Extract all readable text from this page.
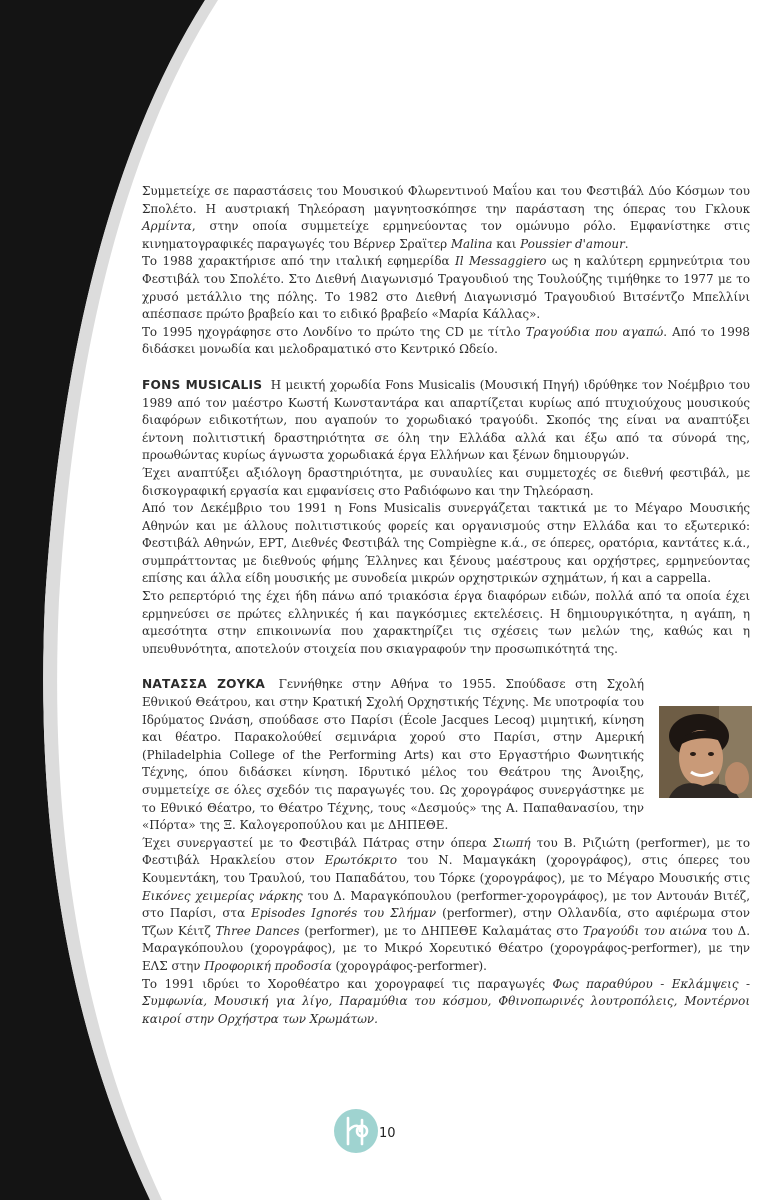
Συμμετείχε σε παραστάσεις του Μουσικού Φλωρεντινού Μαΐου και του Φεστιβάλ Δύο Κόσμων του Σπολέτο. Η αυστριακή Τηλεόραση μαγνητοσκόπησε την παράσταση της όπερας του Γκλουκ Αρμίντα, στην οποία συμμετείχε ερμηνεύοντας τον ομώνυμο ρόλο. Εμφανίστηκε στις κινηματογραφικές παραγωγές του Βέρνερ Σραϊτερ Malina και Poussier d'amour.

Το 1988 χαρακτήρισε από την ιταλική εφημερίδα Il Messaggiero ως η καλύτερη ερμηνεύτρια του Φεστιβάλ του Σπολέτο. Στο Διεθνή Διαγωνισμό Τραγουδιού της Τουλούζης τιμήθηκε το 1977 με το χρυσό μετάλλιο της πόλης. Το 1982 στο Διεθνή Διαγωνισμό Τραγουδιού Βιτσέντζο Μπελλίνι απέσπασε πρώτο βραβείο και το ειδικό βραβείο «Μαρία Κάλλας».

Το 1995 ηχογράφησε στο Λονδίνο το πρώτο της CD με τίτλο Τραγούδια που αγαπώ. Από το 1998 διδάσκει μονωδία και μελοδραματικό στο Κεντρικό Ωδείο.

FONS MUSICALIS Η μεικτή χορωδία Fons Musicalis (Μουσική Πηγή) ιδρύθηκε τον Νοέμβριο του 1989 από τον μαέστρο Κωστή Κωνσταντάρα και απαρτίζεται κυρίως από πτυχιούχους μουσικούς διαφόρων ειδικοτήτων, που αγαπούν το χορωδιακό τραγούδι. Σκοπός της είναι να αναπτύξει έντονη πολιτιστική δραστηριότητα σε όλη την Ελλάδα αλλά και έξω από τα σύνορά της, προωθώντας κυρίως άγνωστα χορωδιακά έργα Ελλήνων και ξένων δημιουργών.

Έχει αναπτύξει αξιόλογη δραστηριότητα, με συναυλίες και συμμετοχές σε διεθνή φεστιβάλ, με δισκογραφική εργασία και εμφανίσεις στο Ραδιόφωνο και την Τηλεόραση.

Από τον Δεκέμβριο του 1991 η Fons Musicalis συνεργάζεται τακτικά με το Μέγαρο Μουσικής Αθηνών και με άλλους πολιτιστικούς φορείς και οργανισμούς στην Ελλάδα και το εξωτερικό: Φεστιβάλ Αθηνών, ΕΡΤ, Διεθνές Φεστιβάλ της Compiègne κ.ά., σε όπερες, ορατόρια, καντάτες κ.ά., συμπράττοντας με διεθνούς φήμης Έλληνες και ξένους μαέστρους και ορχήστρες, ερμηνεύοντας επίσης και άλλα είδη μουσικής με συνοδεία μικρών ορχηστρικών σχημάτων, ή και a cappella.

Στο ρεπερτόριό της έχει ήδη πάνω από τριακόσια έργα διαφόρων ειδών, πολλά από τα οποία έχει ερμηνεύσει σε πρώτες ελληνικές ή και παγκόσμιες εκτελέσεις. Η δημιουργικότητα, η αγάπη, η αμεσότητα στην επικοινωνία που χαρακτηρίζει τις σχέσεις των μελών της, καθώς και η υπευθυνότητα, αποτελούν στοιχεία που σκιαγραφούν την προσωπικότητά της.

ΝΑΤΑΣΣΑ ΖΟΥΚΑ Γεννήθηκε στην Αθήνα το 1955. Σπούδασε στη Σχολή Εθνικού Θεάτρου, και στην Κρατική Σχολή Ορχηστικής Τέχνης. Με υποτροφία του Ιδρύματος Ωνάση, σπούδασε στο Παρίσι (École Jacques Lecoq) μιμητική, κίνηση και θέατρο. Παρακολούθεί σεμινάρια χορού στο Παρίσι, στην Αμερική (Philadelphia College of the Performing Arts) και στο Εργαστήριο Φωνητικής Τέχνης, όπου διδάσκει κίνηση. Ιδρυτικό μέλος του Θεάτρου της Άνοιξης, συμμετείχε σε όλες σχεδόν τις παραγωγές του. Ως χορογράφος συνεργάστηκε με το Εθνικό Θέατρο, το Θέατρο Τέχνης, τους «Δεσμούς» της Α. Παπαθανασίου, την «Πόρτα» της Ξ. Καλογεροπούλου και με ΔΗΠΕΘΕ.

Έχει συνεργαστεί με το Φεστιβάλ Πάτρας στην όπερα Σιωπή του Β. Ριζιώτη (performer), με το Φεστιβάλ Ηρακλείου στον Ερωτόκριτο του Ν. Μαμαγκάκη (χορογράφος), στις όπερες του Κουμεντάκη, του Τραυλού, του Παπαδάτου, του Τόρκε (χορογράφος), με το Μέγαρο Μουσικής στις Εικόνες χειμερίας νάρκης του Δ. Μαραγκόπουλου (performer-χορογράφος), με τον Αντουάν Βιτέζ, στο Παρίσι, στα Episodes Ignorés του Σλήμαν (performer), στην Ολλανδία, στο αφιέρωμα στον Τζων Κέιτζ Three Dances (performer), με το ΔΗΠΕΘΕ Καλαμάτας στο Τραγούδι του αιώνα του Δ. Μαραγκόπουλου (χορογράφος), με το Μικρό Χορευτικό Θέατρο (χορογράφος-performer), με την ΕΛΣ στην Προφορική προδοσία (χορογράφος-performer).

Το 1991 ιδρύει το Χοροθέατρο και χορογραφεί τις παραγωγές Φως παραθύρου - Εκλάμψεις - Συμφωνία, Μουσική για λίγο, Παραμύθια του κόσμου, Φθινοπωρινές λουτροπόλεις, Μοντέρνοι καιροί στην Ορχήστρα των Χρωμάτων.

10
